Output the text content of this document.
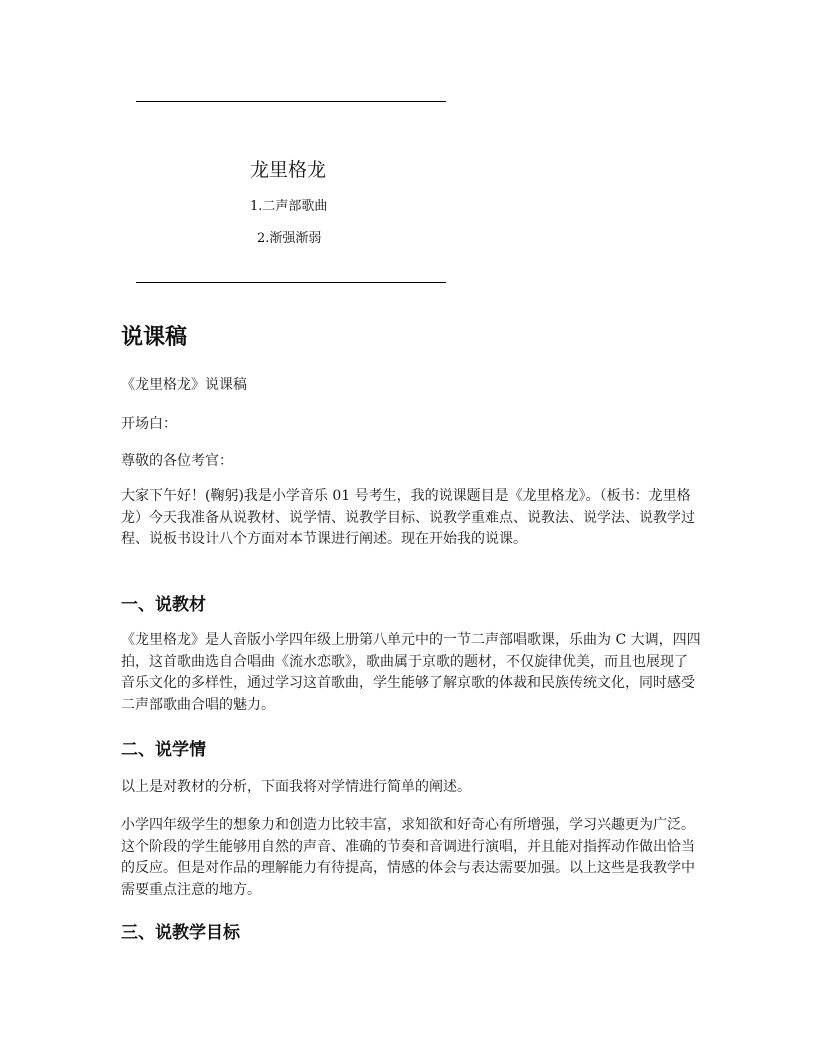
龙里格龙
1.二声部歌曲
2.渐强渐弱
说课稿

《龙里格龙》说课稿

开场白：

尊敬的各位考官：

大家下午好！(鞠躬)我是小学音乐 01 号考生，我的说课题目是《龙里格龙》。（板书：龙里格龙）今天我准备从说教材、说学情、说教学目标、说教学重难点、说教法、说学法、说教学过程、说板书设计八个方面对本节课进行阐述。现在开始我的说课。

一、说教材

《龙里格龙》是人音版小学四年级上册第八单元中的一节二声部唱歌课，乐曲为 C 大调，四四拍，这首歌曲选自合唱曲《流水恋歌》，歌曲属于京歌的题材，不仅旋律优美，而且也展现了音乐文化的多样性，通过学习这首歌曲，学生能够了解京歌的体裁和民族传统文化，同时感受二声部歌曲合唱的魅力。

二、说学情

以上是对教材的分析，下面我将对学情进行简单的阐述。

小学四年级学生的想象力和创造力比较丰富，求知欲和好奇心有所增强，学习兴趣更为广泛。这个阶段的学生能够用自然的声音、准确的节奏和音调进行演唱，并且能对指挥动作做出恰当的反应。但是对作品的理解能力有待提高，情感的体会与表达需要加强。以上这些是我教学中需要重点注意的地方。

三、说教学目标
